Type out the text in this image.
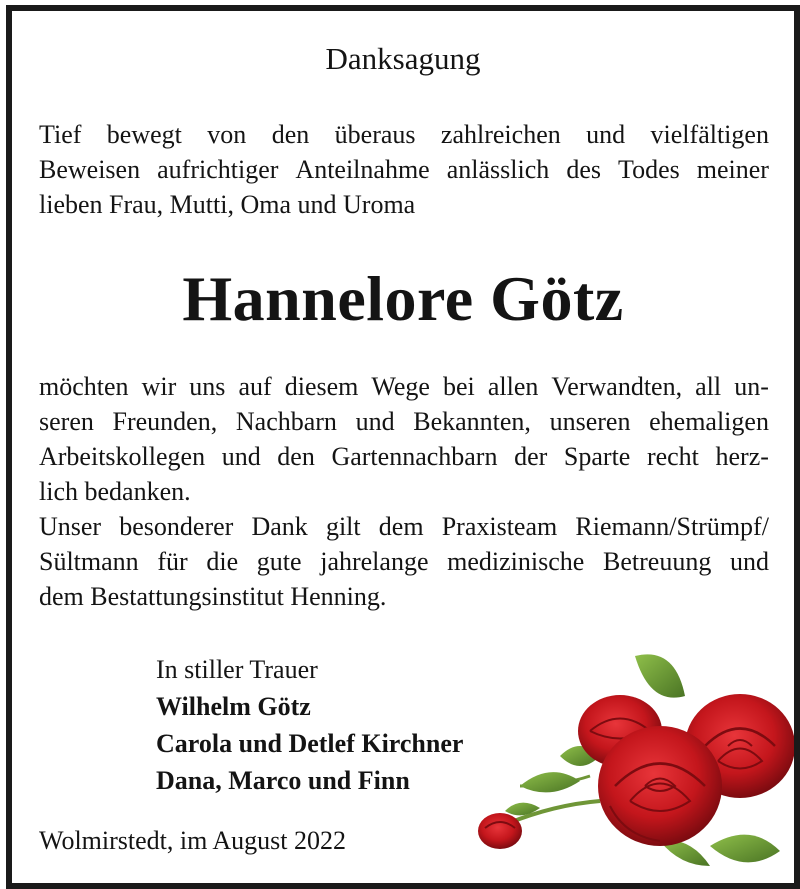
Danksagung
Tief bewegt von den überaus zahlreichen und vielfältigen
Beweisen aufrichtiger Anteilnahme anlässlich des Todes meiner
lieben Frau, Mutti, Oma und Uroma
Hannelore Götz
möchten wir uns auf diesem Wege bei allen Verwandten, all un-
seren Freunden, Nachbarn und Bekannten, unseren ehemaligen
Arbeitskollegen und den Gartennachbarn der Sparte recht herz-
lich bedanken.
Unser besonderer Dank gilt dem Praxisteam Riemann/Strümpf/
Sültmann für die gute jahrelange medizinische Betreuung und
dem Bestattungsinstitut Henning.
In stiller Trauer
Wilhelm Götz
Carola und Detlef Kirchner
Dana, Marco und Finn
Wolmirstedt, im August 2022
